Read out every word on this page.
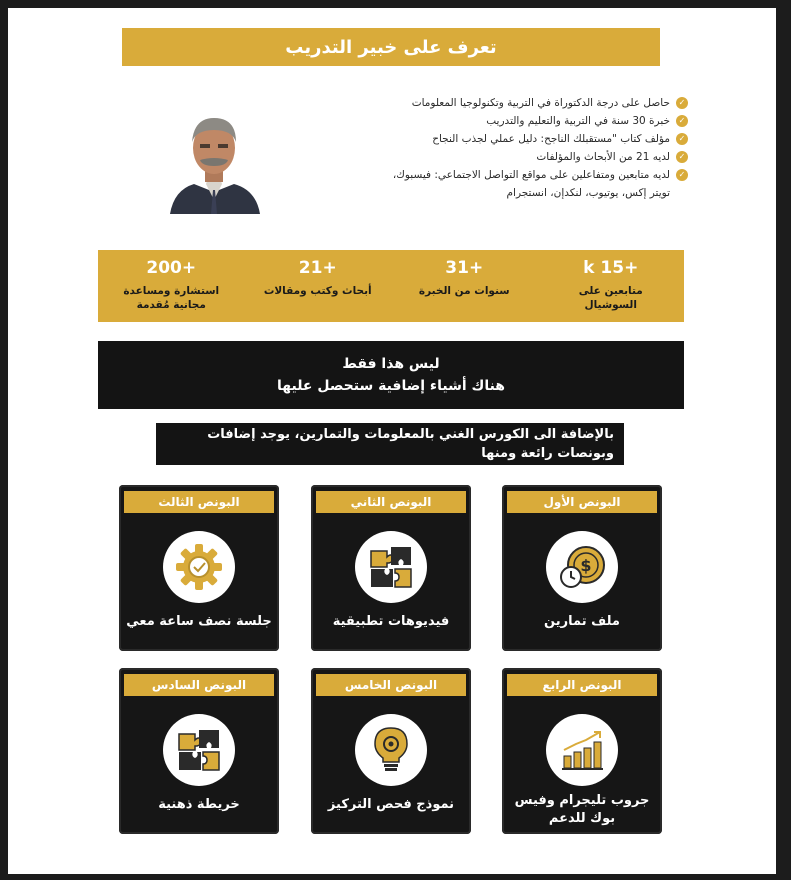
تعرف على خبير التدريب
✓
حاصل على درجة الدكتوراة في التربية وتكنولوجيا المعلومات
✓
خبرة 30 سنة في التربية والتعليم والتدريب
✓
مؤلف كتاب "مستقبلك الناجح: دليل عملي لجذب النجاح
✓
لديه 21 من الأبحاث والمؤلفات
✓
لديه متابعين ومتفاعلين على مواقع التواصل الاجتماعي: فيسبوك، تويتر إكس، يوتيوب، لنكدإن، انستجرام
+15 k
متابعين على السوشيال
+31
سنوات من الخبرة
+21
أبحاث وكتب ومقالات
+200
استشارة ومساعدة مجانية مُقدمة
ليس هذا فقط
هناك أشياء إضافية ستحصل عليها
بالإضافة الى الكورس الغني بالمعلومات والتمارين، يوجد إضافات وبونصات رائعة ومنها
البونص الأول
$
ملف تمارين
البونص الثاني
فيديوهات تطبيقية
البونص الثالث
جلسة نصف ساعة معي
البونص الرابع
جروب تليجرام وفيس بوك للدعم
البونص الخامس
نموذج فحص التركيز
البونص السادس
خريطة ذهنية
